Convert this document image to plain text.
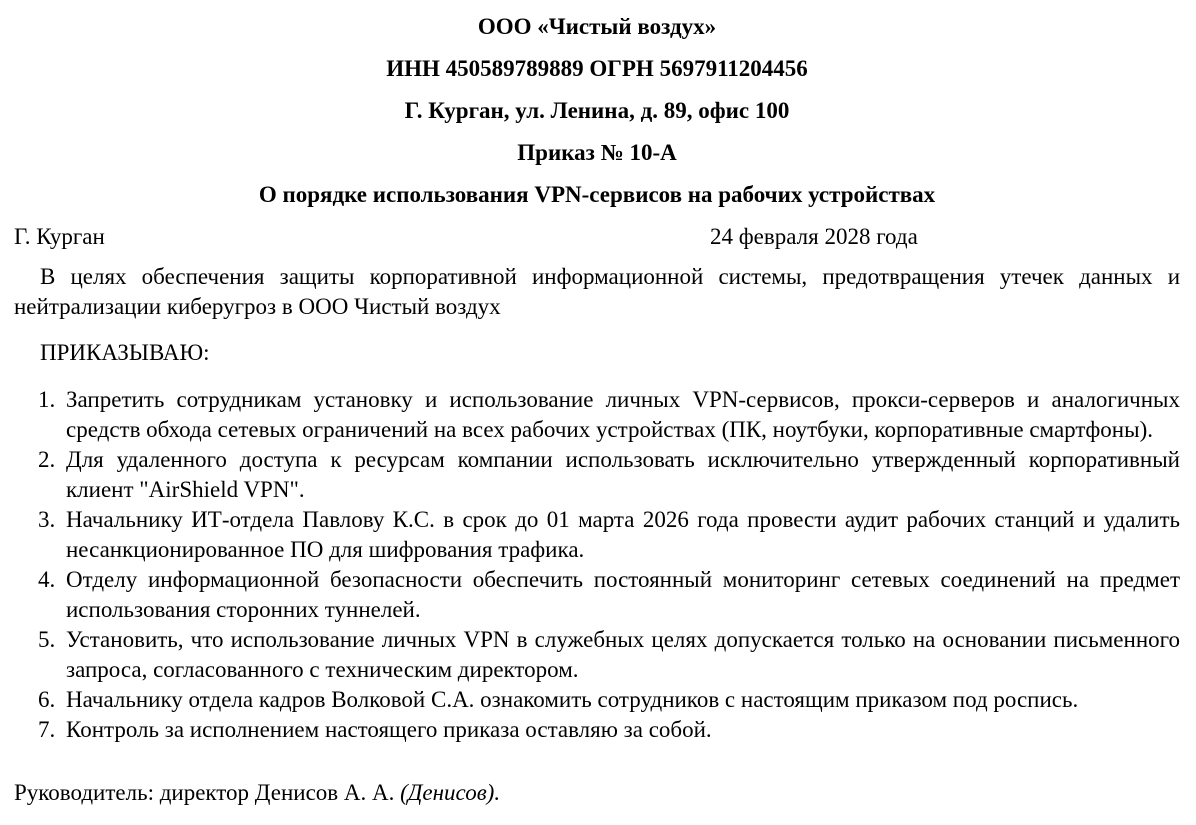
ООО «Чистый воздух»

ИНН 450589789889 ОГРН 5697911204456

Г. Курган, ул. Ленина, д. 89, офис 100

Приказ № 10-А

О порядке использования VPN-сервисов на рабочих устройствах

Г. Курган	24 февраля 2028 года

В целях обеспечения защиты корпоративной информационной системы, предотвращения утечек данных и нейтрализации киберугроз в ООО Чистый воздух

ПРИКАЗЫВАЮ:

1. Запретить сотрудникам установку и использование личных VPN-сервисов, прокси-серверов и аналогичных средств обхода сетевых ограничений на всех рабочих устройствах (ПК, ноутбуки, корпоративные смартфоны).
2. Для удаленного доступа к ресурсам компании использовать исключительно утвержденный корпоративный клиент "AirShield VPN".
3. Начальнику ИТ-отдела Павлову К.С. в срок до 01 марта 2026 года провести аудит рабочих станций и удалить несанкционированное ПО для шифрования трафика.
4. Отделу информационной безопасности обеспечить постоянный мониторинг сетевых соединений на предмет использования сторонних туннелей.
5. Установить, что использование личных VPN в служебных целях допускается только на основании письменного запроса, согласованного с техническим директором.
6. Начальнику отдела кадров Волковой С.А. ознакомить сотрудников с настоящим приказом под роспись.
7. Контроль за исполнением настоящего приказа оставляю за собой.

Руководитель: директор Денисов А. А. (Денисов).
